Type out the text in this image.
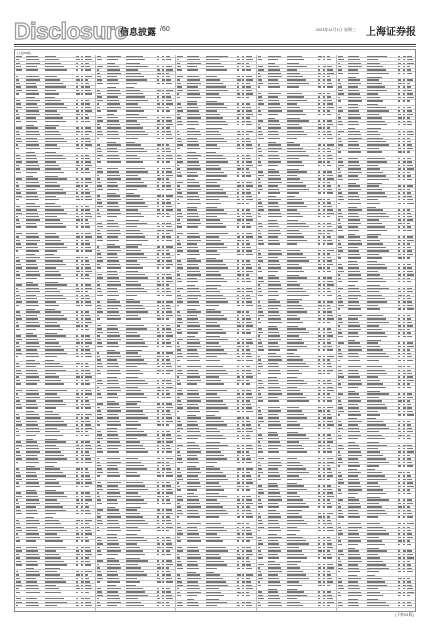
Disclosure
信息披露 /60	2023年11月1日 星期三 上海证券报
(上接59版)
(下转61版)
